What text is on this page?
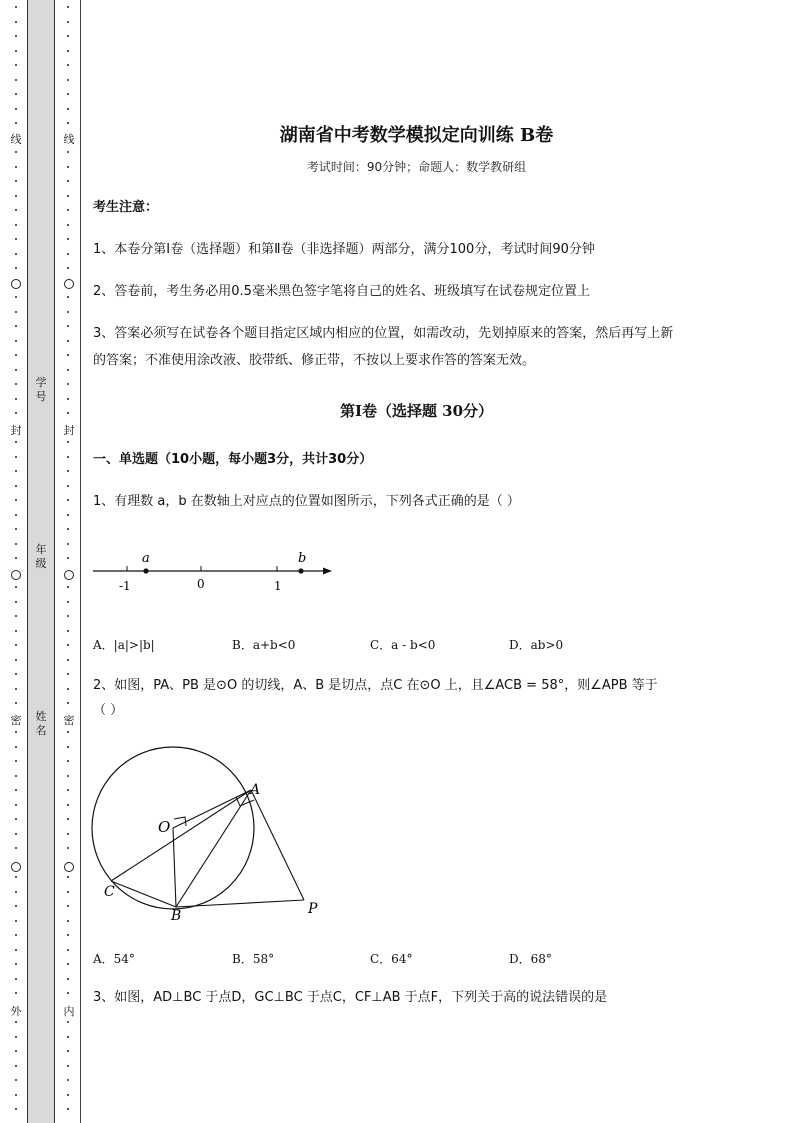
线
封
密
外
线
封
密
内
学号
年级
姓名
湖南省中考数学模拟定向训练 B卷
考试时间：90分钟；命题人：数学教研组
考生注意：
1、本卷分第Ⅰ卷（选择题）和第Ⅱ卷（非选择题）两部分，满分100分，考试时间90分钟
2、答卷前，考生务必用0.5毫米黑色签字笔将自己的姓名、班级填写在试卷规定位置上
3、答案必须写在试卷各个题目指定区域内相应的位置，如需改动，先划掉原来的答案，然后再写上新
的答案；不准使用涂改液、胶带纸、修正带，不按以上要求作答的答案无效。
第Ⅰ卷（选择题 30分）
一、单选题（10小题，每小题3分，共计30分）
1、有理数 a，b 在数轴上对应点的位置如图所示，下列各式正确的是（ ）
a	b
-1	0	1
A．|a|>|b|	B．a+b<0	C．a - b<0	D．ab>0
2、如图，PA、PB 是⊙O 的切线，A、B 是切点，点C 在⊙O 上，且∠ACB = 58°，则∠APB 等于
（ ）
O
A
C
B	P
A．54°	B．58°	C．64°	D．68°
3、如图，AD⊥BC 于点D，GC⊥BC 于点C，CF⊥AB 于点F，下列关于高的说法错误的是
